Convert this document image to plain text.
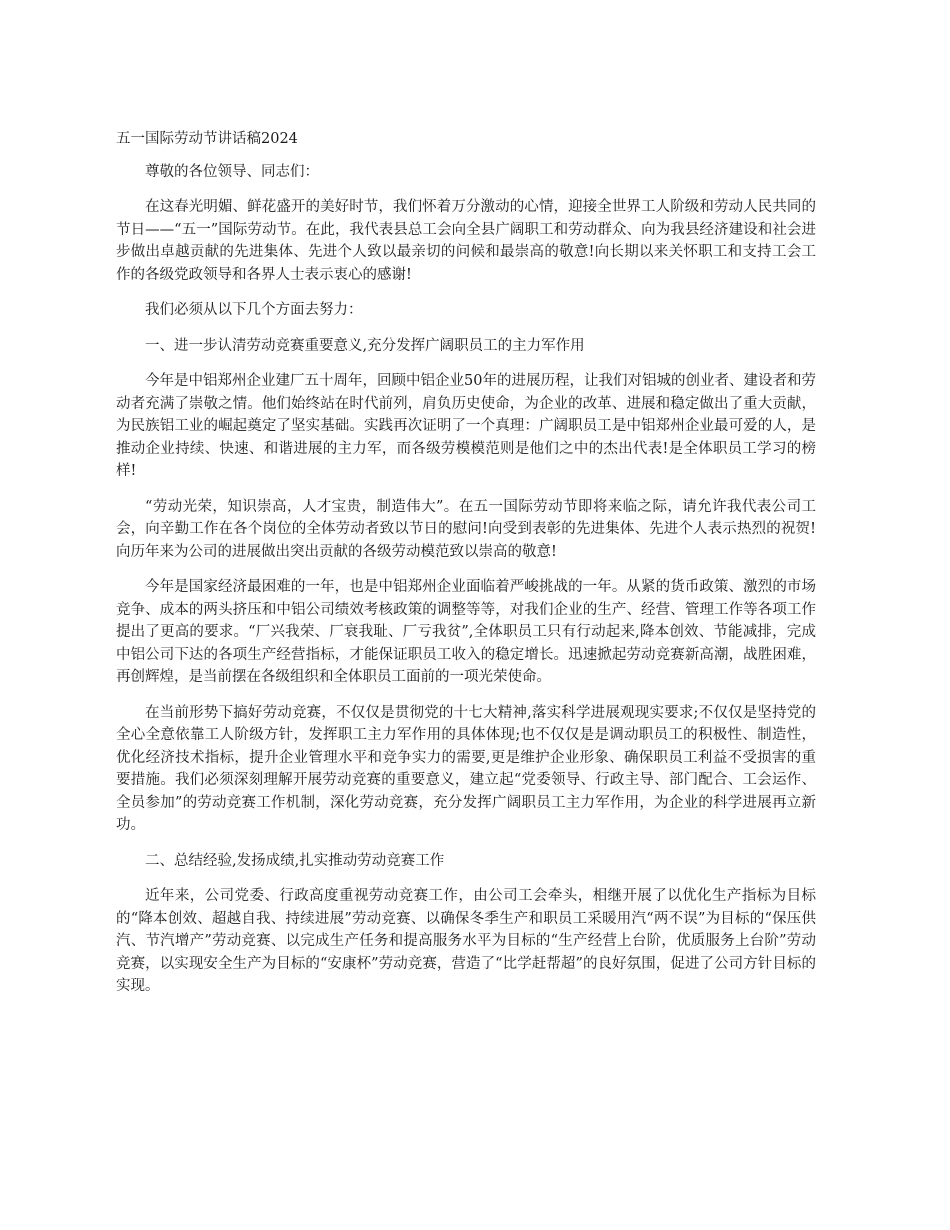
五一国际劳动节讲话稿2024

尊敬的各位领导、同志们：

在这春光明媚、鲜花盛开的美好时节，我们怀着万分激动的心情，迎接全世界工人阶级和劳动人民共同的节日——“五一”国际劳动节。在此，我代表县总工会向全县广阔职工和劳动群众、向为我县经济建设和社会进步做出卓越贡献的先进集体、先进个人致以最亲切的问候和最崇高的敬意!向长期以来关怀职工和支持工会工作的各级党政领导和各界人士表示衷心的感谢!

我们必须从以下几个方面去努力：

一、进一步认清劳动竞赛重要意义,充分发挥广阔职员工的主力军作用

今年是中铝郑州企业建厂五十周年，回顾中铝企业50年的进展历程，让我们对铝城的创业者、建设者和劳动者充满了崇敬之情。他们始终站在时代前列，肩负历史使命，为企业的改革、进展和稳定做出了重大贡献，为民族铝工业的崛起奠定了坚实基础。实践再次证明了一个真理：广阔职员工是中铝郑州企业最可爱的人，是推动企业持续、快速、和谐进展的主力军，而各级劳模模范则是他们之中的杰出代表!是全体职员工学习的榜样!

“劳动光荣，知识崇高，人才宝贵，制造伟大”。在五一国际劳动节即将来临之际，请允许我代表公司工会，向辛勤工作在各个岗位的全体劳动者致以节日的慰问!向受到表彰的先进集体、先进个人表示热烈的祝贺!向历年来为公司的进展做出突出贡献的各级劳动模范致以崇高的敬意!

今年是国家经济最困难的一年，也是中铝郑州企业面临着严峻挑战的一年。从紧的货币政策、激烈的市场竞争、成本的两头挤压和中铝公司绩效考核政策的调整等等，对我们企业的生产、经营、管理工作等各项工作提出了更高的要求。“厂兴我荣、厂衰我耻、厂亏我贫”,全体职员工只有行动起来,降本创效、节能减排，完成中铝公司下达的各项生产经营指标，才能保证职员工收入的稳定增长。迅速掀起劳动竞赛新高潮，战胜困难，再创辉煌，是当前摆在各级组织和全体职员工面前的一项光荣使命。

在当前形势下搞好劳动竞赛，不仅仅是贯彻党的十七大精神,落实科学进展观现实要求;不仅仅是坚持党的全心全意依靠工人阶级方针，发挥职工主力军作用的具体体现;也不仅仅是是调动职员工的积极性、制造性，优化经济技术指标，提升企业管理水平和竞争实力的需要,更是维护企业形象、确保职员工利益不受损害的重要措施。我们必须深刻理解开展劳动竞赛的重要意义，建立起“党委领导、行政主导、部门配合、工会运作、全员参加”的劳动竞赛工作机制，深化劳动竞赛，充分发挥广阔职员工主力军作用，为企业的科学进展再立新功。

二、总结经验,发扬成绩,扎实推动劳动竞赛工作

近年来，公司党委、行政高度重视劳动竞赛工作，由公司工会牵头，相继开展了以优化生产指标为目标的“降本创效、超越自我、持续进展”劳动竞赛、以确保冬季生产和职员工采暖用汽“两不误”为目标的“保压供汽、节汽增产”劳动竞赛、以完成生产任务和提高服务水平为目标的“生产经营上台阶，优质服务上台阶”劳动竞赛，以实现安全生产为目标的“安康杯”劳动竞赛，营造了“比学赶帮超”的良好氛围，促进了公司方针目标的实现。
